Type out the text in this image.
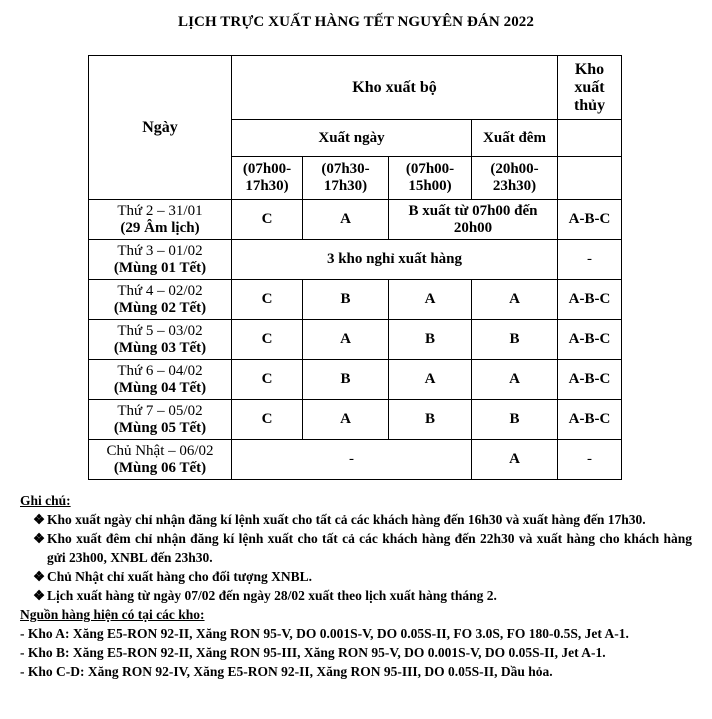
LỊCH TRỰC XUẤT HÀNG TẾT NGUYÊN ĐÁN 2022
Ngày	Kho xuất bộ				Kho xuất thủy
	Xuất ngày			Xuất đêm	
	(07h00-17h30)	(07h30-17h30)	(07h00-15h00)	(20h00-23h30)	

Thứ 2 – 31/01
(29 Âm lịch)	C	A	B xuất từ 07h00 đến 20h00		A-B-C

Thứ 3 – 01/02
(Mùng 01 Tết)	3 kho nghỉ xuất hàng				-

Thứ 4 – 02/02
(Mùng 02 Tết)	C	B	A	A	A-B-C

Thứ 5 – 03/02
(Mùng 03 Tết)	C	A	B	B	A-B-C

Thứ 6 – 04/02
(Mùng 04 Tết)	C	B	A	A	A-B-C

Thứ 7 – 05/02
(Mùng 05 Tết)	C	A	B	B	A-B-C

Chủ Nhật – 06/02
(Mùng 06 Tết)	-			A	-
Ghi chú:
❖ Kho xuất ngày chỉ nhận đăng kí lệnh xuất cho tất cả các khách hàng đến 16h30 và xuất hàng đến 17h30.
❖ Kho xuất đêm chỉ nhận đăng kí lệnh xuất cho tất cả các khách hàng đến 22h30 và xuất hàng cho khách hàng gửi 23h00, XNBL đến 23h30.
❖ Chủ Nhật chỉ xuất hàng cho đối tượng XNBL.
❖ Lịch xuất hàng từ ngày 07/02 đến ngày 28/02 xuất theo lịch xuất hàng tháng 2.
Nguồn hàng hiện có tại các kho:
- Kho A: Xăng E5-RON 92-II, Xăng RON 95-V, DO 0.001S-V, DO 0.05S-II, FO 3.0S, FO 180-0.5S, Jet A-1.
- Kho B: Xăng E5-RON 92-II, Xăng RON 95-III, Xăng RON 95-V, DO 0.001S-V, DO 0.05S-II, Jet A-1.
- Kho C-D: Xăng RON 92-IV, Xăng E5-RON 92-II, Xăng RON 95-III, DO 0.05S-II, Dầu hỏa.
